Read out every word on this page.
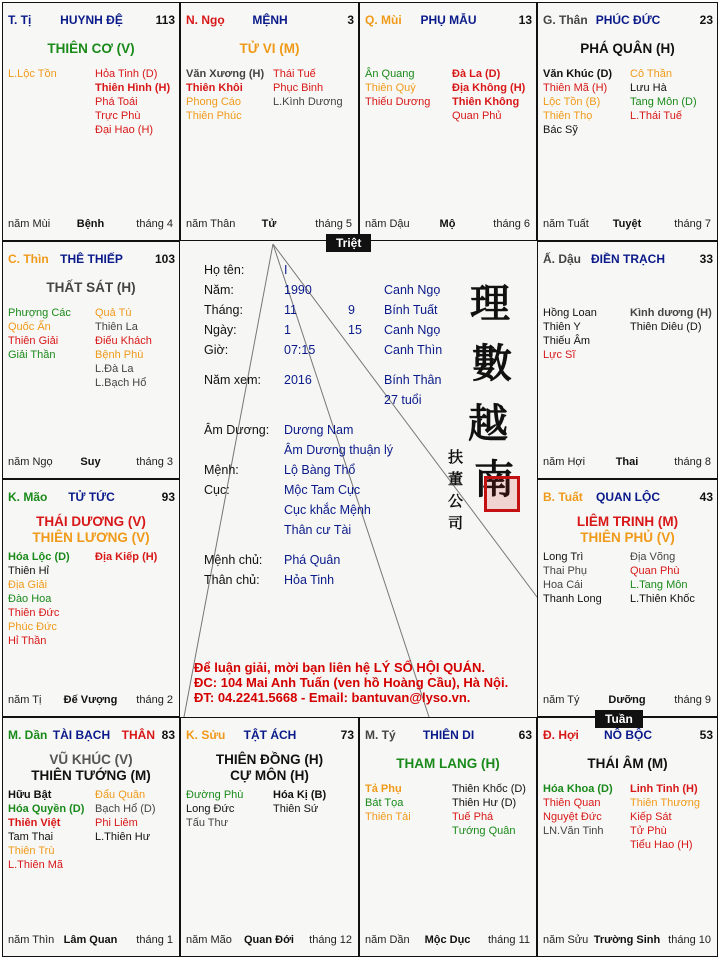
T. Tị HUYNH ĐỆ	113
THIÊN CƠ (V)
L.Lộc Tồn	Hỏa Tinh (D)
Thiên Hình (H)
Phá Toái
Trực Phù
Đại Hao (H)
năm Mùi Bệnh	tháng 4
N. Ngọ MỆNH	3
TỬ VI (M)
Văn Xương (H)
Thiên Khôi
Phong Cáo
Thiên Phúc
Thái Tuế
Phục Binh
L.Kình Dương
năm Thân Tử	tháng 5
Q. Mùi PHỤ MẪU	13
Ân Quang
Thiên Quý
Thiếu Dương
Đà La (D)
Địa Không (H)
Thiên Không
Quan Phủ
năm Dậu	Mộ	tháng 6
G. Thân PHÚC ĐỨC	23
PHÁ QUÂN (H)
Văn Khúc (D)
Thiên Mã (H)
Lộc Tồn (B)
Thiên Thọ
Bác Sỹ
Cô Thần
Lưu Hà
Tang Môn (D)
L.Thái Tuế
năm Tuất Tuyệt	tháng 7
C. Thìn THÊ THIẾP	103
THẤT SÁT (H)
Phượng Các
Quốc Ấn
Thiên Giải
Giải Thần
Quả Tú
Thiên La
Điếu Khách
Bệnh Phù
L.Đà La
L.Bạch Hổ
năm Ngọ	Suy	tháng 3
Ấ. Dậu ĐIỀN TRẠCH	33
Hồng Loan
Thiên Y
Thiếu Âm
Lực Sĩ
Kình dương (H)
Thiên Diêu (D)
năm Hợi	Thai	tháng 8
K. Mão TỬ TỨC	93
THÁI DƯƠNG (V)
THIÊN LƯƠNG (V)
Hóa Lộc (D)
Thiên Hỉ
Địa Giải
Đào Hoa
Thiên Đức
Phúc Đức
Hỉ Thần
Địa Kiếp (H)
năm Tị Đế Vượng tháng 2
B. Tuất QUAN LỘC	43
LIÊM TRINH (M)
THIÊN PHỦ (V)
Long Trì
Thai Phụ
Hoa Cái
Thanh Long
Địa Võng
Quan Phù
L.Tang Môn
L.Thiên Khốc
năm Tý	Dưỡng	tháng 9
M. Dần TÀI BẠCH	83
THÂN
VŨ KHÚC (V)
THIÊN TƯỚNG (M)
Hữu Bật
Hóa Quyền (D)
Thiên Việt
Tam Thai
Thiên Trù
L.Thiên Mã
Đẩu Quân
Bạch Hổ (D)
Phi Liêm
L.Thiên Hư
năm Thìn Lâm Quan tháng 1
K. Sửu TẬT ÁCH	73
THIÊN ĐỒNG (H)
CỰ MÔN (H)
Đường Phù
Long Đức
Tấu Thư
Hóa Kị (B)
Thiên Sứ
năm Mão Quan Đới tháng 12
M. Tý THIÊN DI	63
THAM LANG (H)
Tả Phụ
Bát Tọa
Thiên Tài
Thiên Khốc (D)
Thiên Hư (D)
Tuế Phá
Tướng Quân
năm Dần Mộc Dục tháng 11
Đ. Hợi NÔ BỘC	53
THÁI ÂM (M)
Hóa Khoa (D)
Thiên Quan
Nguyệt Đức
LN.Văn Tinh
Linh Tinh (H)
Thiên Thương
Kiếp Sát
Tử Phù
Tiểu Hao (H)
năm Sửu Trường Sinh tháng 10
Triệt
Tuần
Họ tên:	I
Năm:	1990	Canh Ngọ
Tháng:	11	9 Bính Tuất
Ngày:	1	15 Canh Ngọ
Giờ:	07:15	Canh Thìn
Năm xem: 2016	Bính Thân
27 tuổi
Âm Dương: Dương Nam
Âm Dương thuận lý
Mệnh:	Lộ Bàng Thổ
Cục:	Mộc Tam Cục
Cục khắc Mệnh
Thân cư Tài
Mệnh chủ: Phá Quân
Thân chủ: Hỏa Tinh
理
數
越
南
扶
董
公
司
Để luận giải, mời bạn liên hệ LÝ SỐ HỘI QUÁN.
ĐC: 104 Mai Anh Tuấn (ven hồ Hoàng Cầu), Hà Nội.
ĐT: 04.2241.5668 - Email: bantuvan@lyso.vn.
